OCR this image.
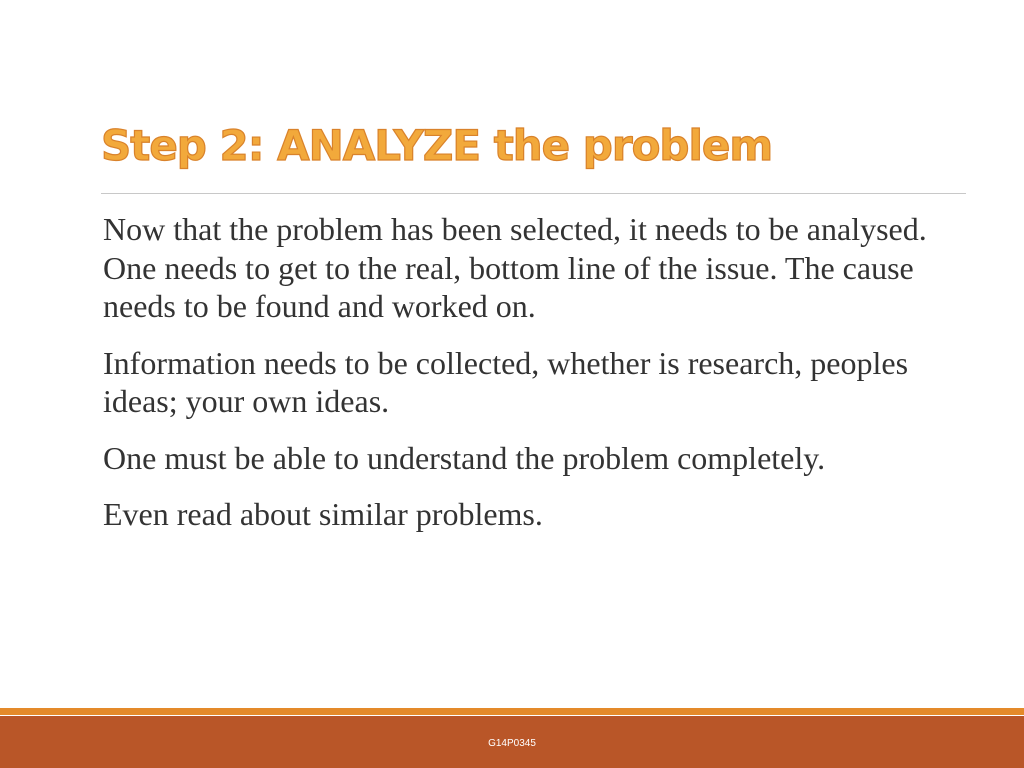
Step 2: ANALYZE the problem

Now that the problem has been selected, it needs to be analysed. One needs to get to the real, bottom line of the issue. The cause needs to be found and worked on.

Information needs to be collected, whether is research, peoples ideas; your own ideas.

One must be able to understand the problem completely.

Even read about similar problems.

G14P0345
